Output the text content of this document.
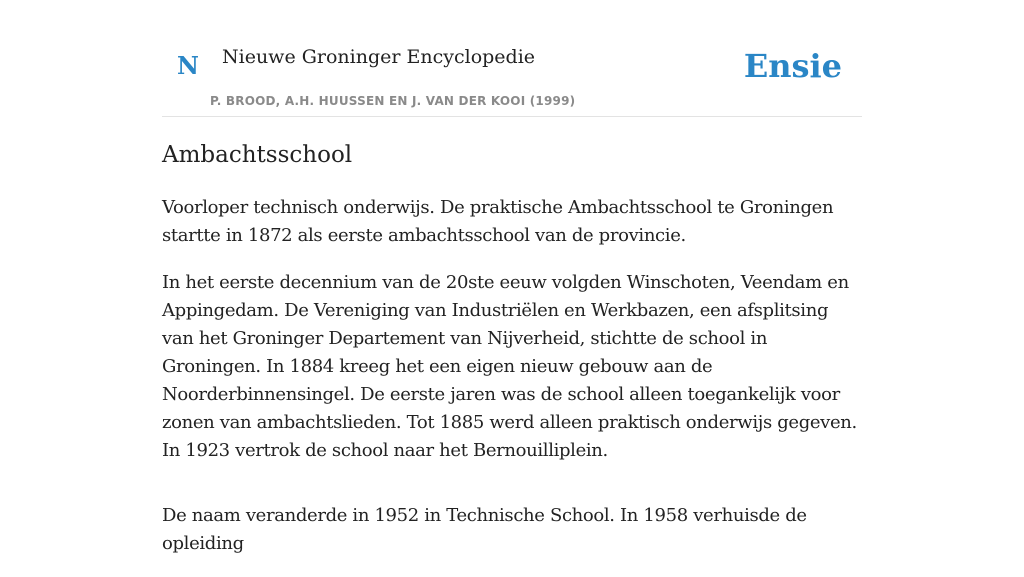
N Nieuwe Groninger Encyclopedie
P. BROOD, A.H. HUUSSEN EN J. VAN DER KOOI (1999)
Ensie
Ambachtsschool

Voorloper technisch onderwijs. De praktische Ambachtsschool te Groningen startte in 1872 als eerste ambachtsschool van de provincie.

In het eerste decennium van de 20ste eeuw volgden Winschoten, Veendam en Appingedam. De Vereniging van Industriëlen en Werkbazen, een afsplitsing van het Groninger Departement van Nijverheid, stichtte de school in Groningen. In 1884 kreeg het een eigen nieuw gebouw aan de Noorderbinnensingel. De eerste jaren was de school alleen toegankelijk voor zonen van ambachtslieden. Tot 1885 werd alleen praktisch onderwijs gegeven. In 1923 vertrok de school naar het Bernouilliplein.

De naam veranderde in 1952 in Technische School. In 1958 verhuisde de opleiding
